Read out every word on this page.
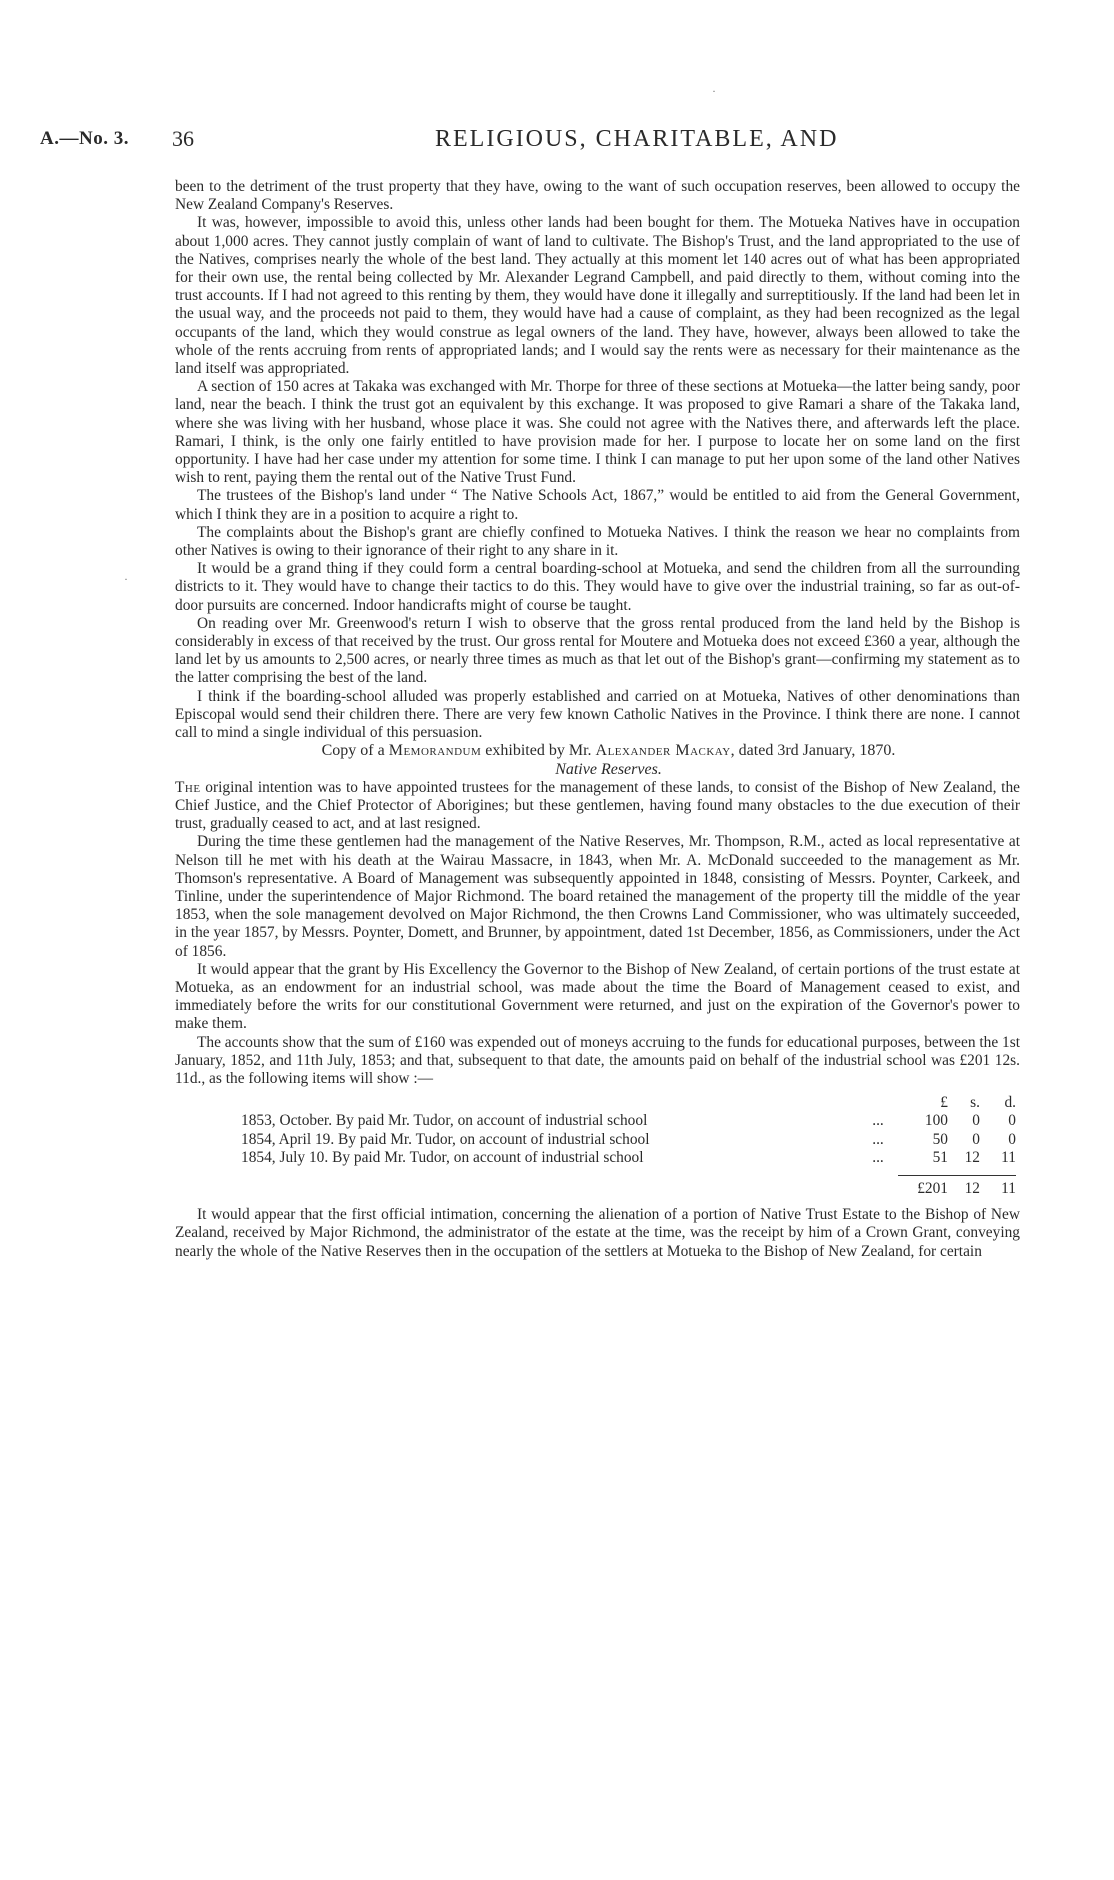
A.—No. 3. 36	RELIGIOUS, CHARITABLE, AND

been to the detriment of the trust property that they have, owing to the want of such occupation reserves, been allowed to occupy the New Zealand Company's Reserves.

It was, however, impossible to avoid this, unless other lands had been bought for them. The Motueka Natives have in occupation about 1,000 acres. They cannot justly complain of want of land to cultivate. The Bishop's Trust, and the land appropriated to the use of the Natives, comprises nearly the whole of the best land. They actually at this moment let 140 acres out of what has been appropriated for their own use, the rental being collected by Mr. Alexander Legrand Campbell, and paid directly to them, without coming into the trust accounts. If I had not agreed to this renting by them, they would have done it illegally and surreptitiously. If the land had been let in the usual way, and the proceeds not paid to them, they would have had a cause of complaint, as they had been recognized as the legal occupants of the land, which they would construe as legal owners of the land. They have, however, always been allowed to take the whole of the rents accruing from rents of appropriated lands; and I would say the rents were as necessary for their maintenance as the land itself was appropriated.

A section of 150 acres at Takaka was exchanged with Mr. Thorpe for three of these sections at Motueka—the latter being sandy, poor land, near the beach. I think the trust got an equivalent by this exchange. It was proposed to give Ramari a share of the Takaka land, where she was living with her husband, whose place it was. She could not agree with the Natives there, and afterwards left the place. Ramari, I think, is the only one fairly entitled to have provision made for her. I purpose to locate her on some land on the first opportunity. I have had her case under my attention for some time. I think I can manage to put her upon some of the land other Natives wish to rent, paying them the rental out of the Native Trust Fund.

The trustees of the Bishop's land under “ The Native Schools Act, 1867,” would be entitled to aid from the General Government, which I think they are in a position to acquire a right to.

The complaints about the Bishop's grant are chiefly confined to Motueka Natives. I think the reason we hear no complaints from other Natives is owing to their ignorance of their right to any share in it.

It would be a grand thing if they could form a central boarding-school at Motueka, and send the children from all the surrounding districts to it. They would have to change their tactics to do this. They would have to give over the industrial training, so far as out-of-door pursuits are concerned. Indoor handicrafts might of course be taught.

On reading over Mr. Greenwood's return I wish to observe that the gross rental produced from the land held by the Bishop is considerably in excess of that received by the trust. Our gross rental for Moutere and Motueka does not exceed £360 a year, although the land let by us amounts to 2,500 acres, or nearly three times as much as that let out of the Bishop's grant—confirming my statement as to the latter comprising the best of the land.

I think if the boarding-school alluded was properly established and carried on at Motueka, Natives of other denominations than Episcopal would send their children there. There are very few known Catholic Natives in the Province. I think there are none. I cannot call to mind a single individual of this persuasion.

Copy of a Memorandum exhibited by Mr. Alexander Mackay, dated 3rd January, 1870.

Native Reserves.

The original intention was to have appointed trustees for the management of these lands, to consist of the Bishop of New Zealand, the Chief Justice, and the Chief Protector of Aborigines; but these gentlemen, having found many obstacles to the due execution of their trust, gradually ceased to act, and at last resigned.

During the time these gentlemen had the management of the Native Reserves, Mr. Thompson, R.M., acted as local representative at Nelson till he met with his death at the Wairau Massacre, in 1843, when Mr. A. McDonald succeeded to the management as Mr. Thomson's representative. A Board of Management was subsequently appointed in 1848, consisting of Messrs. Poynter, Carkeek, and Tinline, under the superintendence of Major Richmond. The board retained the management of the property till the middle of the year 1853, when the sole management devolved on Major Richmond, the then Crowns Land Commissioner, who was ultimately succeeded, in the year 1857, by Messrs. Poynter, Domett, and Brunner, by appointment, dated 1st December, 1856, as Commissioners, under the Act of 1856.

It would appear that the grant by His Excellency the Governor to the Bishop of New Zealand, of certain portions of the trust estate at Motueka, as an endowment for an industrial school, was made about the time the Board of Management ceased to exist, and immediately before the writs for our constitutional Government were returned, and just on the expiration of the Governor's power to make them.

The accounts show that the sum of £160 was expended out of moneys accruing to the funds for educational purposes, between the 1st January, 1852, and 11th July, 1853; and that, subsequent to that date, the amounts paid on behalf of the industrial school was £201 12s. 11d., as the following items will show :—

£	s.	d.
1853, October. By paid Mr. Tudor, on account of industrial school	...	100	0	0
1854, April 19. By paid Mr. Tudor, on account of industrial school	...	50	0	0
1854, July 10. By paid Mr. Tudor, on account of industrial school	...	51	12	11
£201	12	11

It would appear that the first official intimation, concerning the alienation of a portion of Native Trust Estate to the Bishop of New Zealand, received by Major Richmond, the administrator of the estate at the time, was the receipt by him of a Crown Grant, conveying nearly the whole of the Native Reserves then in the occupation of the settlers at Motueka to the Bishop of New Zealand, for certain

·
·
